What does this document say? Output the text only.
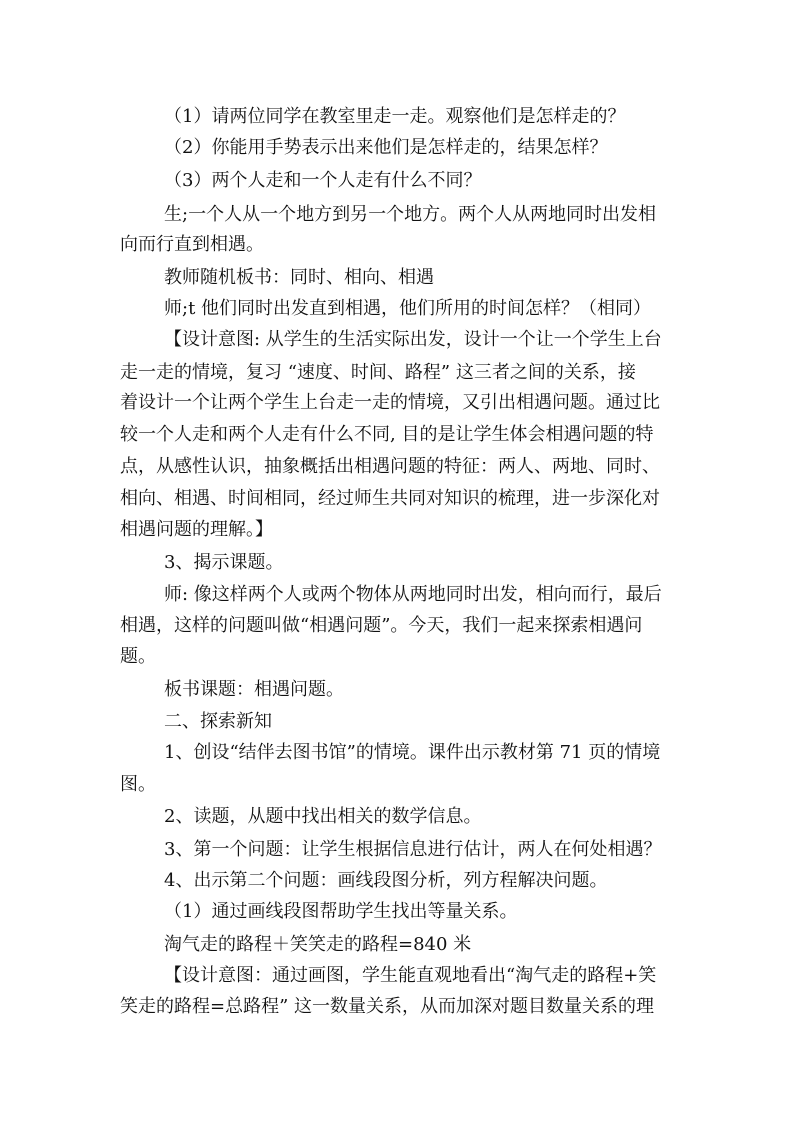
（1）请两位同学在教室里走一走。观察他们是怎样走的？
（2）你能用手势表示出来他们是怎样走的，结果怎样？
（3）两个人走和一个人走有什么不同？
生;一个人从一个地方到另一个地方。两个人从两地同时出发相
向而行直到相遇。
教师随机板书：同时、相向、相遇
师;t 他们同时出发直到相遇，他们所用的时间怎样？（相同）
【设计意图: 从学生的生活实际出发，设计一个让一个学生上台
走一走的情境，复习 “速度、时间、路程” 这三者之间的关系，接
着设计一个让两个学生上台走一走的情境，又引出相遇问题。通过比
较一个人走和两个人走有什么不同, 目的是让学生体会相遇问题的特
点，从感性认识，抽象概括出相遇问题的特征：两人、两地、同时、
相向、相遇、时间相同，经过师生共同对知识的梳理，进一步深化对
相遇问题的理解。】
3、揭示课题。
师: 像这样两个人或两个物体从两地同时出发，相向而行，最后
相遇，这样的问题叫做“相遇问题”。今天，我们一起来探索相遇问
题。
板书课题：相遇问题。
二、探索新知
1、创设“结伴去图书馆”的情境。课件出示教材第 71 页的情境
图。
2、读题，从题中找出相关的数学信息。
3、第一个问题：让学生根据信息进行估计，两人在何处相遇？
4、出示第二个问题：画线段图分析，列方程解决问题。
（1）通过画线段图帮助学生找出等量关系。
淘气走的路程＋笑笑走的路程=840 米
【设计意图：通过画图，学生能直观地看出“淘气走的路程+笑
笑走的路程=总路程” 这一数量关系，从而加深对题目数量关系的理
